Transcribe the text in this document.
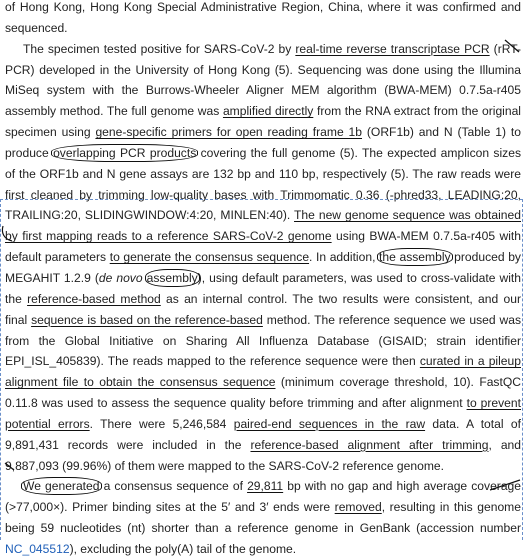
of Hong Kong, Hong Kong Special Administrative Region, China, where it was confirmed and sequenced.

The specimen tested positive for SARS-CoV-2 by real-time reverse transcriptase PCR (rRT-PCR) developed in the University of Hong Kong (5). Sequencing was done using the Illumina MiSeq system with the Burrows-Wheeler Aligner MEM algorithm (BWA-MEM) 0.7.5a-r405 assembly method. The full genome was amplified directly from the RNA extract from the original specimen using gene-specific primers for open reading frame 1b (ORF1b) and N (Table 1) to produce overlapping PCR products covering the full genome (5). The expected amplicon sizes of the ORF1b and N gene assays are 132 bp and 110 bp, respectively (5). The raw reads were first cleaned by trimming low-quality bases with Trimmomatic 0.36 (-phred33, LEADING:20, TRAILING:20, SLIDINGWINDOW:4:20, MINLEN:40). The new genome sequence was obtained by first mapping reads to a reference SARS-CoV-2 genome using BWA-MEM 0.7.5a-r405 with default parameters to generate the consensus sequence. In addition, the assembly produced by MEGAHIT 1.2.9 (de novo assembly), using default parameters, was used to cross-validate with the reference-based method as an internal control. The two results were consistent, and our final sequence is based on the reference-based method. The reference sequence we used was from the Global Initiative on Sharing All Influenza Database (GISAID; strain identifier EPI_ISL_405839). The reads mapped to the reference sequence were then curated in a pileup alignment file to obtain the consensus sequence (minimum coverage threshold, 10). FastQC 0.11.8 was used to assess the sequence quality before trimming and after alignment to prevent potential errors. There were 5,246,584 paired-end sequences in the raw data. A total of 9,891,431 records were included in the reference-based alignment after trimming, and 9,887,093 (99.96%) of them were mapped to the SARS-CoV-2 reference genome.

We generated a consensus sequence of 29,811 bp with no gap and high average coverage (>77,000×). Primer binding sites at the 5′ and 3′ ends were removed, resulting in this genome being 59 nucleotides (nt) shorter than a reference genome in GenBank (accession number NC_045512), excluding the poly(A) tail of the genome.
